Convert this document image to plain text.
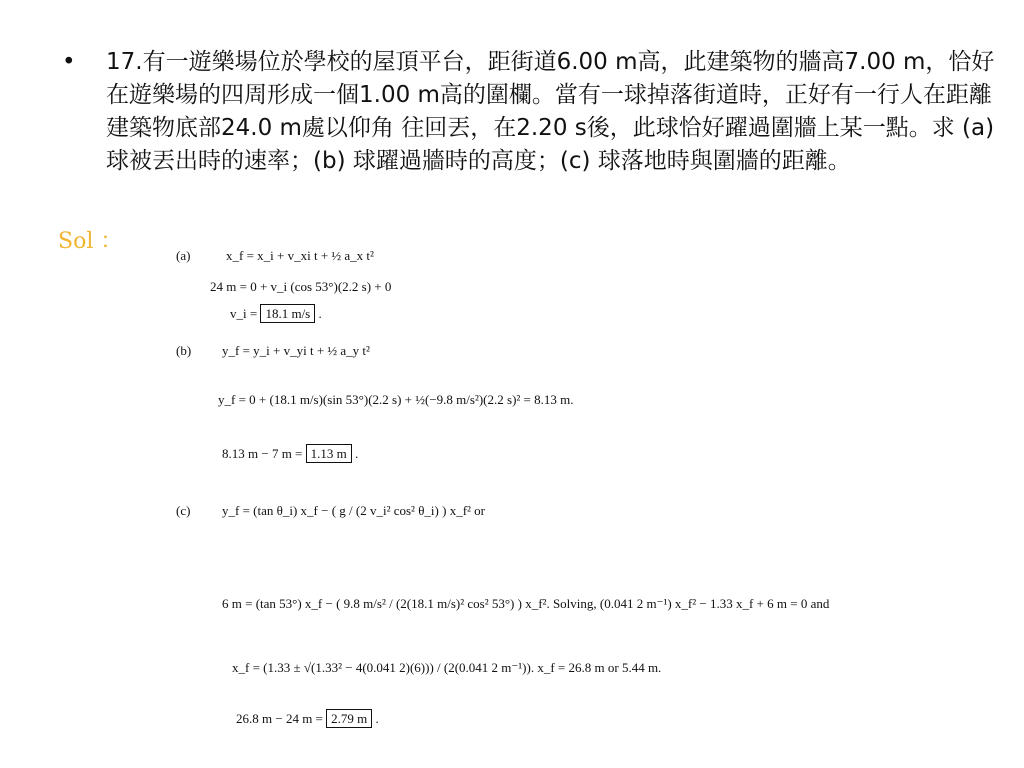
• 17.有一遊樂場位於學校的屋頂平台，距街道6.00 m高，此建築物的牆高7.00 m，恰好在遊樂場的四周形成一個1.00 m高的圍欄。當有一球掉落街道時，正好有一行人在距離建築物底部24.0 m處以仰角 往回丟，在2.20 s後，此球恰好躍過圍牆上某一點。求 (a) 球被丟出時的速率；(b) 球躍過牆時的高度；(c) 球落地時與圍牆的距離。
Sol ：
(a)	x_f = x_i + v_xi t + ½ a_x t²
24 m = 0 + v_i (cos 53°)(2.2 s) + 0
v_i = 18.1 m/s .
(b) y_f = y_i + v_yi t + ½ a_y t²
y_f = 0 + (18.1 m/s)(sin 53°)(2.2 s) + ½(−9.8 m/s²)(2.2 s)² = 8.13 m.
8.13 m − 7 m = 1.13 m .
(c) y_f = (tan θ_i) x_f − ( g / (2 v_i² cos² θ_i) ) x_f² or
6 m = (tan 53°) x_f − ( 9.8 m/s² / (2(18.1 m/s)² cos² 53°) ) x_f². Solving, (0.041 2 m⁻¹) x_f² − 1.33 x_f + 6 m = 0 and
x_f = (1.33 ± √(1.33² − 4(0.041 2)(6))) / (2(0.041 2 m⁻¹)). x_f = 26.8 m or 5.44 m.
26.8 m − 24 m = 2.79 m .
